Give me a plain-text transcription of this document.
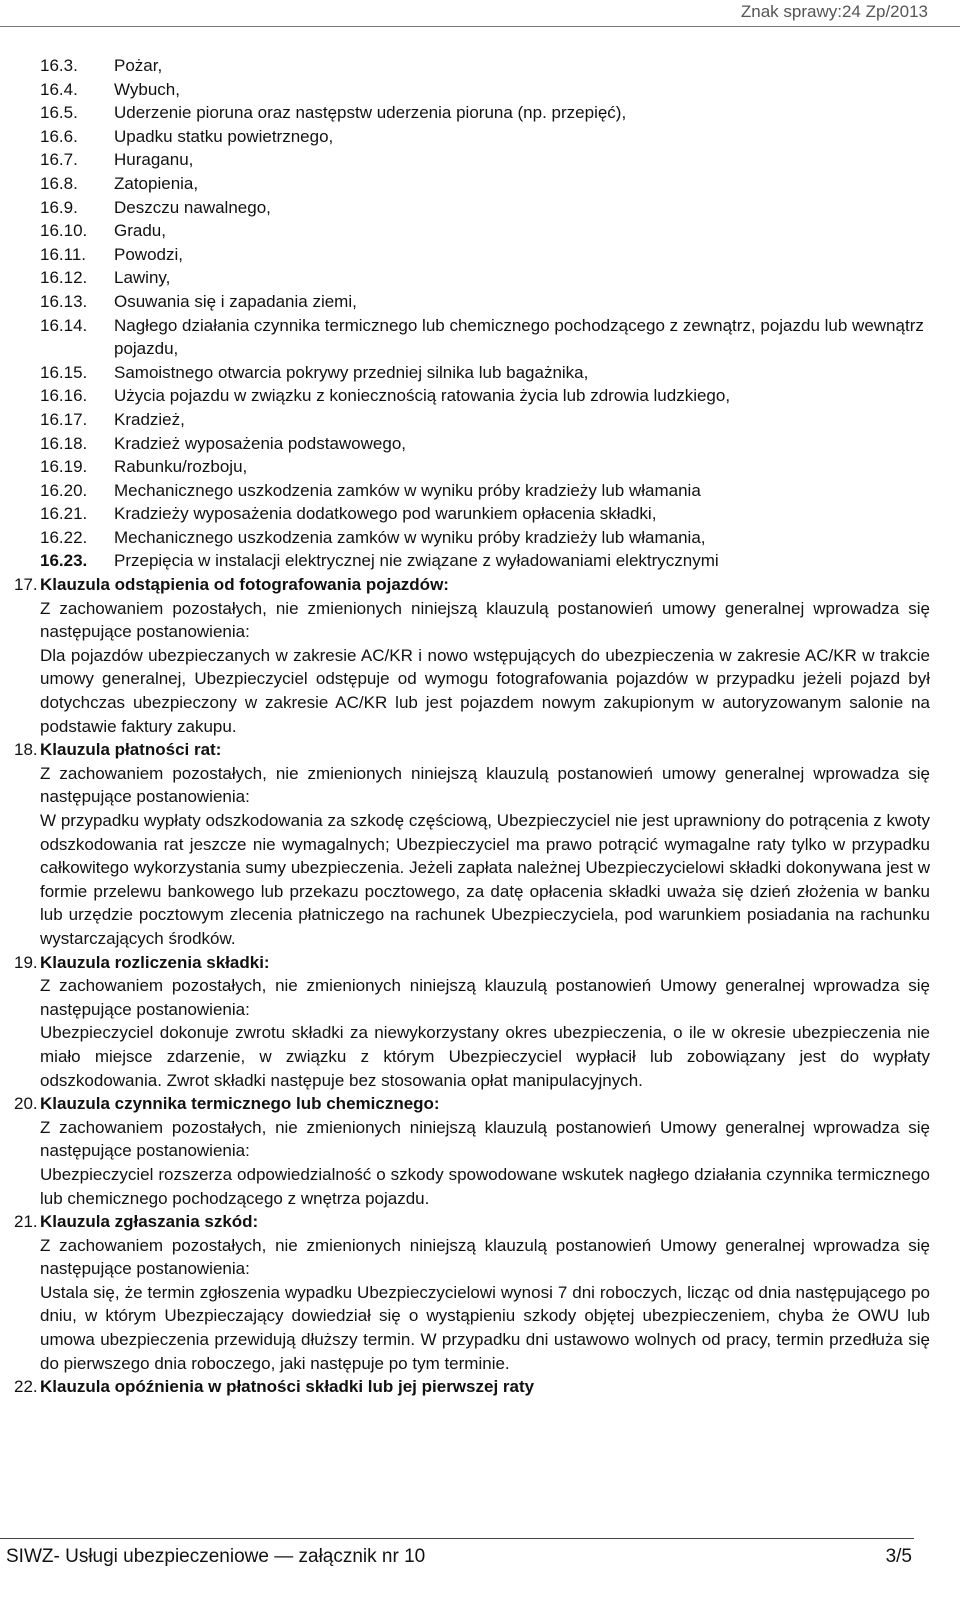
Znak sprawy:24 Zp/2013
16.3.	Pożar,
16.4.	Wybuch,
16.5.	Uderzenie pioruna oraz następstw uderzenia pioruna (np. przepięć),
16.6.	Upadku statku powietrznego,
16.7.	Huraganu,
16.8.	Zatopienia,
16.9.	Deszczu nawalnego,
16.10.	Gradu,
16.11.	Powodzi,
16.12.	Lawiny,
16.13.	Osuwania się i zapadania ziemi,
16.14.	Nagłego działania czynnika termicznego lub chemicznego pochodzącego z zewnątrz, pojazdu lub wewnątrz pojazdu,
16.15.	Samoistnego otwarcia pokrywy przedniej silnika lub bagażnika,
16.16.	Użycia pojazdu w związku z koniecznością ratowania życia lub zdrowia ludzkiego,
16.17.	Kradzież,
16.18.	Kradzież wyposażenia podstawowego,
16.19.	Rabunku/rozboju,
16.20.	Mechanicznego uszkodzenia zamków w wyniku próby kradzieży lub włamania
16.21.	Kradzieży wyposażenia dodatkowego pod warunkiem opłacenia składki,
16.22.	Mechanicznego uszkodzenia zamków w wyniku próby kradzieży lub włamania,
16.23.	Przepięcia w instalacji elektrycznej nie związane z wyładowaniami elektrycznymi
17. Klauzula odstąpienia od fotografowania pojazdów:
Z zachowaniem pozostałych, nie zmienionych niniejszą klauzulą postanowień umowy generalnej wprowadza się następujące postanowienia:
Dla pojazdów ubezpieczanych w zakresie AC/KR i nowo wstępujących do ubezpieczenia w zakresie AC/KR w trakcie umowy generalnej, Ubezpieczyciel odstępuje od wymogu fotografowania pojazdów w przypadku jeżeli pojazd był dotychczas ubezpieczony w zakresie AC/KR lub jest pojazdem nowym zakupionym w autoryzowanym salonie na podstawie faktury zakupu.
18. Klauzula płatności rat:
Z zachowaniem pozostałych, nie zmienionych niniejszą klauzulą postanowień umowy generalnej wprowadza się następujące postanowienia:
W przypadku wypłaty odszkodowania za szkodę częściową, Ubezpieczyciel nie jest uprawniony do potrącenia z kwoty odszkodowania rat jeszcze nie wymagalnych; Ubezpieczyciel ma prawo potrącić wymagalne raty tylko w przypadku całkowitego wykorzystania sumy ubezpieczenia. Jeżeli zapłata należnej Ubezpieczycielowi składki dokonywana jest w formie przelewu bankowego lub przekazu pocztowego, za datę opłacenia składki uważa się dzień złożenia w banku lub urzędzie pocztowym zlecenia płatniczego na rachunek Ubezpieczyciela, pod warunkiem posiadania na rachunku wystarczających środków.
19. Klauzula rozliczenia składki:
Z zachowaniem pozostałych, nie zmienionych niniejszą klauzulą postanowień Umowy generalnej wprowadza się następujące postanowienia:
Ubezpieczyciel dokonuje zwrotu składki za niewykorzystany okres ubezpieczenia, o ile w okresie ubezpieczenia nie miało miejsce zdarzenie, w związku z którym Ubezpieczyciel wypłacił lub zobowiązany jest do wypłaty odszkodowania. Zwrot składki następuje bez stosowania opłat manipulacyjnych.
20. Klauzula czynnika termicznego lub chemicznego:
Z zachowaniem pozostałych, nie zmienionych niniejszą klauzulą postanowień Umowy generalnej wprowadza się następujące postanowienia:
Ubezpieczyciel rozszerza odpowiedzialność o szkody spowodowane wskutek nagłego działania czynnika termicznego lub chemicznego pochodzącego z wnętrza pojazdu.
21. Klauzula zgłaszania szkód:
Z zachowaniem pozostałych, nie zmienionych niniejszą klauzulą postanowień Umowy generalnej wprowadza się następujące postanowienia:
Ustala się, że termin zgłoszenia wypadku Ubezpieczycielowi wynosi 7 dni roboczych, licząc od dnia następującego po dniu, w którym Ubezpieczający dowiedział się o wystąpieniu szkody objętej ubezpieczeniem, chyba że OWU lub umowa ubezpieczenia przewidują dłuższy termin. W przypadku dni ustawowo wolnych od pracy, termin przedłuża się do pierwszego dnia roboczego, jaki następuje po tym terminie.
22. Klauzula opóźnienia w płatności składki lub jej pierwszej raty
SIWZ- Usługi ubezpieczeniowe — załącznik nr 10	3/5
